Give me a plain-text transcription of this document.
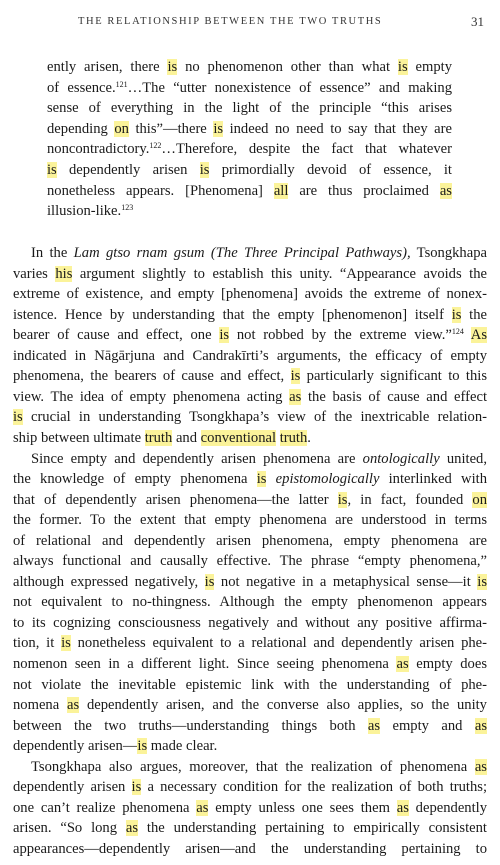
THE RELATIONSHIP BETWEEN THE TWO TRUTHS	31
ently arisen, there is no phenomenon other than what is empty
of essence.$^{121}$…The “utter nonexistence of essence” and making
sense of everything in the light of the principle “this arises
depending on this”—there is indeed no need to say that they are
noncontradictory.$^{122}$…Therefore, despite the fact that whatever
is dependently arisen is primordially devoid of essence, it
nonetheless appears. [Phenomena] all are thus proclaimed as
illusion-like.$^{123}$
In the Lam gtso rnam gsum (The Three Principal Pathways), Tsongkhapa
varies his argument slightly to establish this unity. “Appearance avoids the
extreme of existence, and empty [phenomena] avoids the extreme of nonex-
istence. Hence by understanding that the empty [phenomenon] itself is the
bearer of cause and effect, one is not robbed by the extreme view.”$^{124}$ As
indicated in Nāgārjuna and Candrakīrti’s arguments, the efficacy of empty
phenomena, the bearers of cause and effect, is particularly significant to this
view. The idea of empty phenomena acting as the basis of cause and effect
is crucial in understanding Tsongkhapa’s view of the inextricable relation-
ship between ultimate truth and conventional truth.
Since empty and dependently arisen phenomena are ontologically united,
the knowledge of empty phenomena is epistomologically interlinked with
that of dependently arisen phenomena—the latter is, in fact, founded on
the former. To the extent that empty phenomena are understood in terms
of relational and dependently arisen phenomena, empty phenomena are
always functional and causally effective. The phrase “empty phenomena,”
although expressed negatively, is not negative in a metaphysical sense—it is
not equivalent to no-thingness. Although the empty phenomenon appears
to its cognizing consciousness negatively and without any positive affirma-
tion, it is nonetheless equivalent to a relational and dependently arisen phe-
nomenon seen in a different light. Since seeing phenomena as empty does
not violate the inevitable epistemic link with the understanding of phe-
nomena as dependently arisen, and the converse also applies, so the unity
between the two truths—understanding things both as empty and as
dependently arisen—is made clear.
Tsongkhapa also argues, moreover, that the realization of phenomena as
dependently arisen is a necessary condition for the realization of both truths;
one can’t realize phenomena as empty unless one sees them as dependently
arisen. “So long as the understanding pertaining to empirically consistent
appearances—dependently arisen—and the understanding pertaining to
